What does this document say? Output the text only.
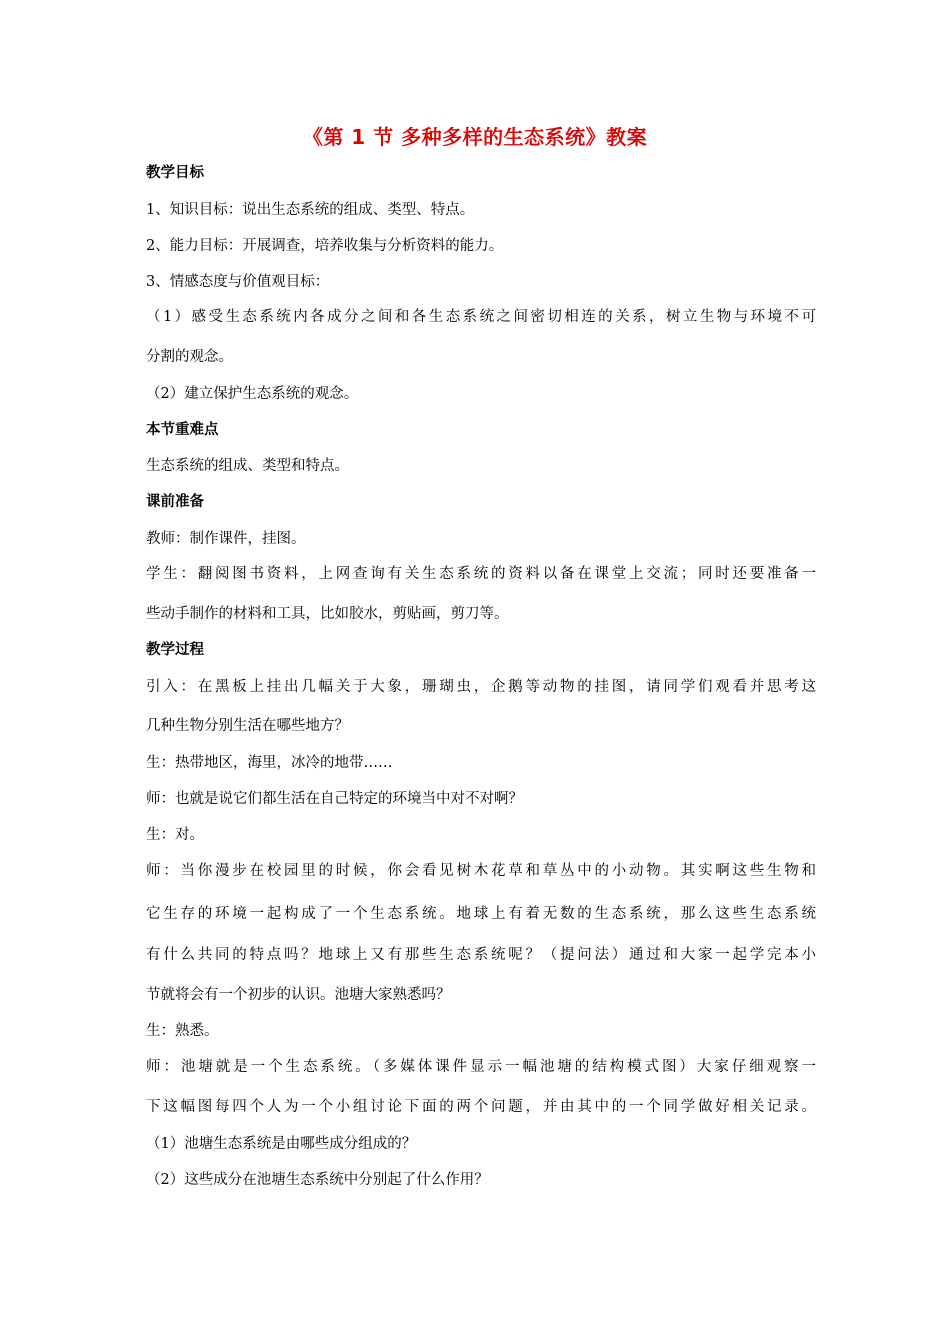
《第 1 节 多种多样的生态系统》教案
教学目标
1、知识目标：说出生态系统的组成、类型、特点。
2、能力目标：开展调查，培养收集与分析资料的能力。
3、情感态度与价值观目标：
（1）感受生态系统内各成分之间和各生态系统之间密切相连的关系，树立生物与环境不可
分割的观念。
（2）建立保护生态系统的观念。
本节重难点
生态系统的组成、类型和特点。
课前准备
教师：制作课件，挂图。
学生：翻阅图书资料，上网查询有关生态系统的资料以备在课堂上交流；同时还要准备一
些动手制作的材料和工具，比如胶水，剪贴画，剪刀等。
教学过程
引入：在黑板上挂出几幅关于大象，珊瑚虫，企鹅等动物的挂图，请同学们观看并思考这
几种生物分别生活在哪些地方？
生：热带地区，海里，冰冷的地带……
师：也就是说它们都生活在自己特定的环境当中对不对啊？
生：对。
师：当你漫步在校园里的时候，你会看见树木花草和草丛中的小动物。其实啊这些生物和
它生存的环境一起构成了一个生态系统。地球上有着无数的生态系统，那么这些生态系统
有什么共同的特点吗？地球上又有那些生态系统呢？（提问法）通过和大家一起学完本小
节就将会有一个初步的认识。池塘大家熟悉吗？
生：熟悉。
师：池塘就是一个生态系统。（多媒体课件显示一幅池塘的结构模式图）大家仔细观察一
下这幅图每四个人为一个小组讨论下面的两个问题，并由其中的一个同学做好相关记录。
（1）池塘生态系统是由哪些成分组成的？
（2）这些成分在池塘生态系统中分别起了什么作用？
